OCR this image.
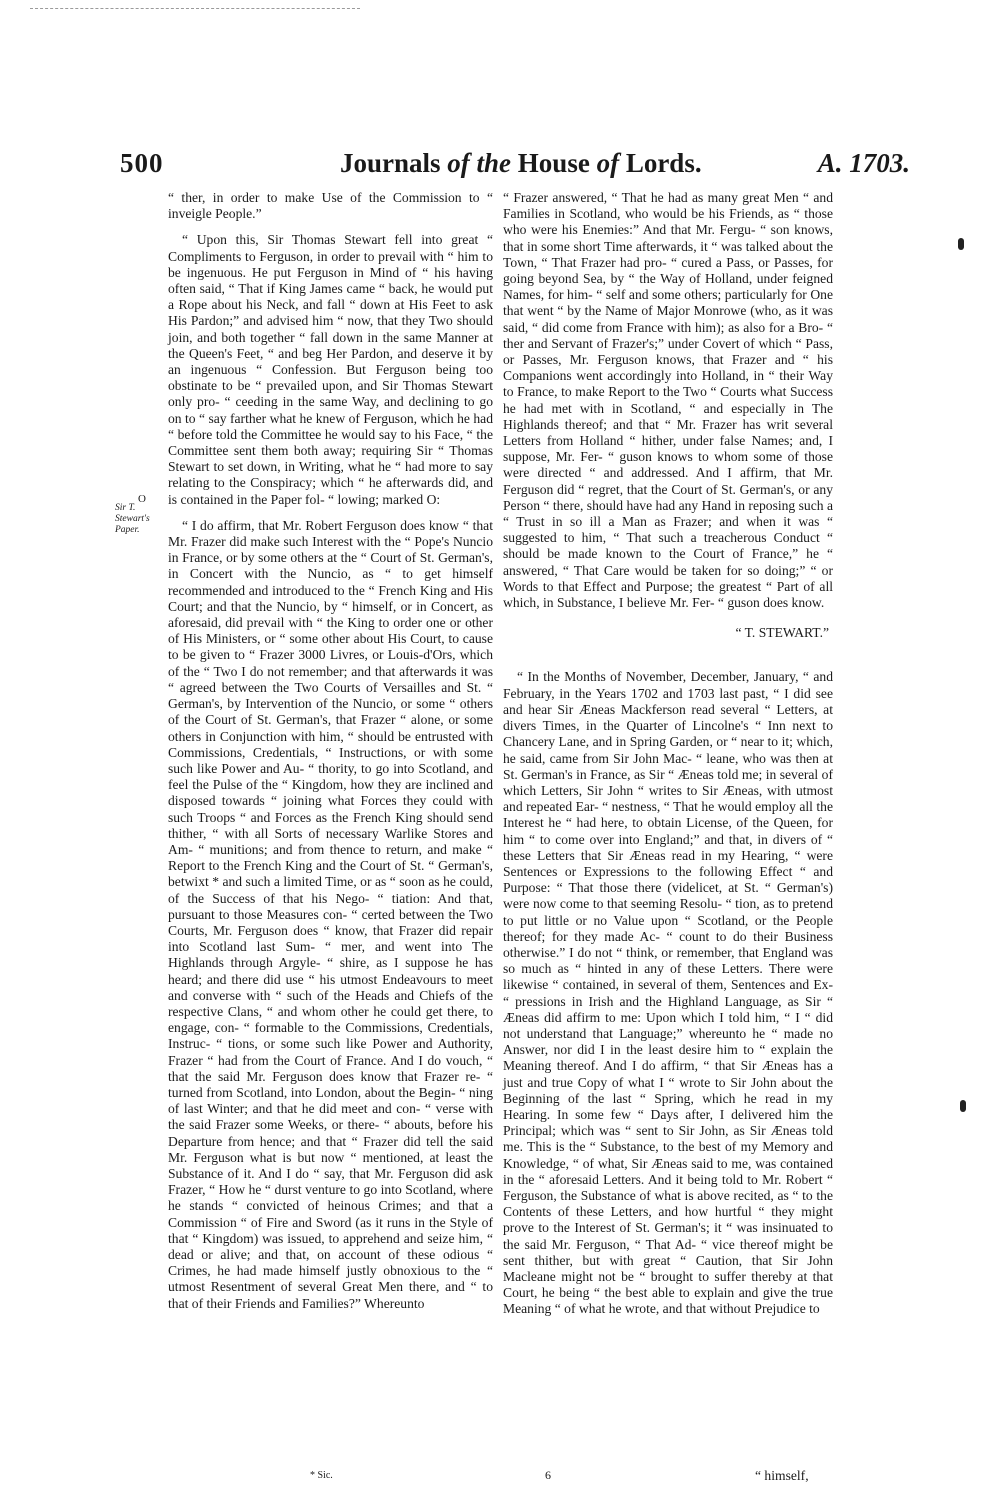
500	Journals of the House of Lords.	A. 1703.
O
Sir T. Stewart's Paper.

“ ther, in order to make Use of the Commission to “ inveigle People.”

“ Upon this, Sir Thomas Stewart fell into great “ Compliments to Ferguson, in order to prevail with “ him to be ingenuous. He put Ferguson in Mind of “ his having often said, “ That if King James came “ back, he would put a Rope about his Neck, and fall “ down at His Feet to ask His Pardon;” and advised him “ now, that they Two should join, and both together “ fall down in the same Manner at the Queen's Feet, “ and beg Her Pardon, and deserve it by an ingenuous “ Confession. But Ferguson being too obstinate to be “ prevailed upon, and Sir Thomas Stewart only pro- “ ceeding in the same Way, and declining to go on to “ say farther what he knew of Ferguson, which he had “ before told the Committee he would say to his Face, “ the Committee sent them both away; requiring Sir “ Thomas Stewart to set down, in Writing, what he “ had more to say relating to the Conspiracy; which “ he afterwards did, and is contained in the Paper fol- “ lowing; marked O:

“ I do affirm, that Mr. Robert Ferguson does know “ that Mr. Frazer did make such Interest with the “ Pope's Nuncio in France, or by some others at the “ Court of St. German's, in Concert with the Nuncio, as “ to get himself recommended and introduced to the “ French King and His Court; and that the Nuncio, by “ himself, or in Concert, as aforesaid, did prevail with “ the King to order one or other of His Ministers, or “ some other about His Court, to cause to be given to “ Frazer 3000 Livres, or Louis-d'Ors, which of the “ Two I do not remember; and that afterwards it was “ agreed between the Two Courts of Versailles and St. “ German's, by Intervention of the Nuncio, or some “ others of the Court of St. German's, that Frazer “ alone, or some others in Conjunction with him, “ should be entrusted with Commissions, Credentials, “ Instructions, or with some such like Power and Au- “ thority, to go into Scotland, and feel the Pulse of the “ Kingdom, how they are inclined and disposed towards “ joining what Forces they could with such Troops “ and Forces as the French King should send thither, “ with all Sorts of necessary Warlike Stores and Am- “ munitions; and from thence to return, and make “ Report to the French King and the Court of St. “ German's, betwixt * and such a limited Time, or as “ soon as he could, of the Success of that his Nego- “ tiation: And that, pursuant to those Measures con- “ certed between the Two Courts, Mr. Ferguson does “ know, that Frazer did repair into Scotland last Sum- “ mer, and went into The Highlands through Argyle- “ shire, as I suppose he has heard; and there did use “ his utmost Endeavours to meet and converse with “ such of the Heads and Chiefs of the respective Clans, “ and whom other he could get there, to engage, con- “ formable to the Commissions, Credentials, Instruc- “ tions, or some such like Power and Authority, Frazer “ had from the Court of France. And I do vouch, “ that the said Mr. Ferguson does know that Frazer re- “ turned from Scotland, into London, about the Begin- “ ning of last Winter; and that he did meet and con- “ verse with the said Frazer some Weeks, or there- “ abouts, before his Departure from hence; and that “ Frazer did tell the said Mr. Ferguson what is but now “ mentioned, at least the Substance of it. And I do “ say, that Mr. Ferguson did ask Frazer, “ How he “ durst venture to go into Scotland, where he stands “ convicted of heinous Crimes; and that a Commission “ of Fire and Sword (as it runs in the Style of that “ Kingdom) was issued, to apprehend and seize him, “ dead or alive; and that, on account of these odious “ Crimes, he had made himself justly obnoxious to the “ utmost Resentment of several Great Men there, and “ to that of their Friends and Families?” Whereunto

“ Frazer answered, “ That he had as many great Men “ and Families in Scotland, who would be his Friends, as “ those who were his Enemies:” And that Mr. Fergu- “ son knows, that in some short Time afterwards, it “ was talked about the Town, “ That Frazer had pro- “ cured a Pass, or Passes, for going beyond Sea, by “ the Way of Holland, under feigned Names, for him- “ self and some others; particularly for One that went “ by the Name of Major Monrowe (who, as it was said, “ did come from France with him); as also for a Bro- “ ther and Servant of Frazer's;” under Covert of which “ Pass, or Passes, Mr. Ferguson knows, that Frazer and “ his Companions went accordingly into Holland, in “ their Way to France, to make Report to the Two “ Courts what Success he had met with in Scotland, “ and especially in The Highlands thereof; and that “ Mr. Frazer has writ several Letters from Holland “ hither, under false Names; and, I suppose, Mr. Fer- “ guson knows to whom some of those were directed “ and addressed. And I affirm, that Mr. Ferguson did “ regret, that the Court of St. German's, or any Person “ there, should have had any Hand in reposing such a “ Trust in so ill a Man as Frazer; and when it was “ suggested to him, “ That such a treacherous Conduct “ should be made known to the Court of France,” he “ answered, “ That Care would be taken for so doing;” “ or Words to that Effect and Purpose; the greatest “ Part of all which, in Substance, I believe Mr. Fer- “ guson does know.

“ T. STEWART.”

“ In the Months of November, December, January, “ and February, in the Years 1702 and 1703 last past, “ I did see and hear Sir Æneas Mackferson read several “ Letters, at divers Times, in the Quarter of Lincolne's “ Inn next to Chancery Lane, and in Spring Garden, or “ near to it; which, he said, came from Sir John Mac- “ leane, who was then at St. German's in France, as Sir “ Æneas told me; in several of which Letters, Sir John “ writes to Sir Æneas, with utmost and repeated Ear- “ nestness, “ That he would employ all the Interest he “ had here, to obtain License, of the Queen, for him “ to come over into England;” and that, in divers of “ these Letters that Sir Æneas read in my Hearing, “ were Sentences or Expressions to the following Effect “ and Purpose: “ That those there (videlicet, at St. “ German's) were now come to that seeming Resolu- “ tion, as to pretend to put little or no Value upon “ Scotland, or the People thereof; for they made Ac- “ count to do their Business otherwise.” I do not “ think, or remember, that England was so much as “ hinted in any of these Letters. There were likewise “ contained, in several of them, Sentences and Ex- “ pressions in Irish and the Highland Language, as Sir “ Æneas did affirm to me: Upon which I told him, “ I “ did not understand that Language;” whereunto he “ made no Answer, nor did I in the least desire him to “ explain the Meaning thereof. And I do affirm, “ that Sir Æneas has a just and true Copy of what I “ wrote to Sir John about the Beginning of the last “ Spring, which he read in my Hearing. In some few “ Days after, I delivered him the Principal; which was “ sent to Sir John, as Sir Æneas told me. This is the “ Substance, to the best of my Memory and Knowledge, “ of what, Sir Æneas said to me, was contained in the “ aforesaid Letters. And it being told to Mr. Robert “ Ferguson, the Substance of what is above recited, as “ to the Contents of these Letters, and how hurtful “ they might prove to the Interest of St. German's; it “ was insinuated to the said Mr. Ferguson, “ That Ad- “ vice thereof might be sent thither, but with great “ Caution, that Sir John Macleane might not be “ brought to suffer thereby at that Court, he being “ the best able to explain and give the true Meaning “ of what he wrote, and that without Prejudice to

* Sic.	6	“ himself,
